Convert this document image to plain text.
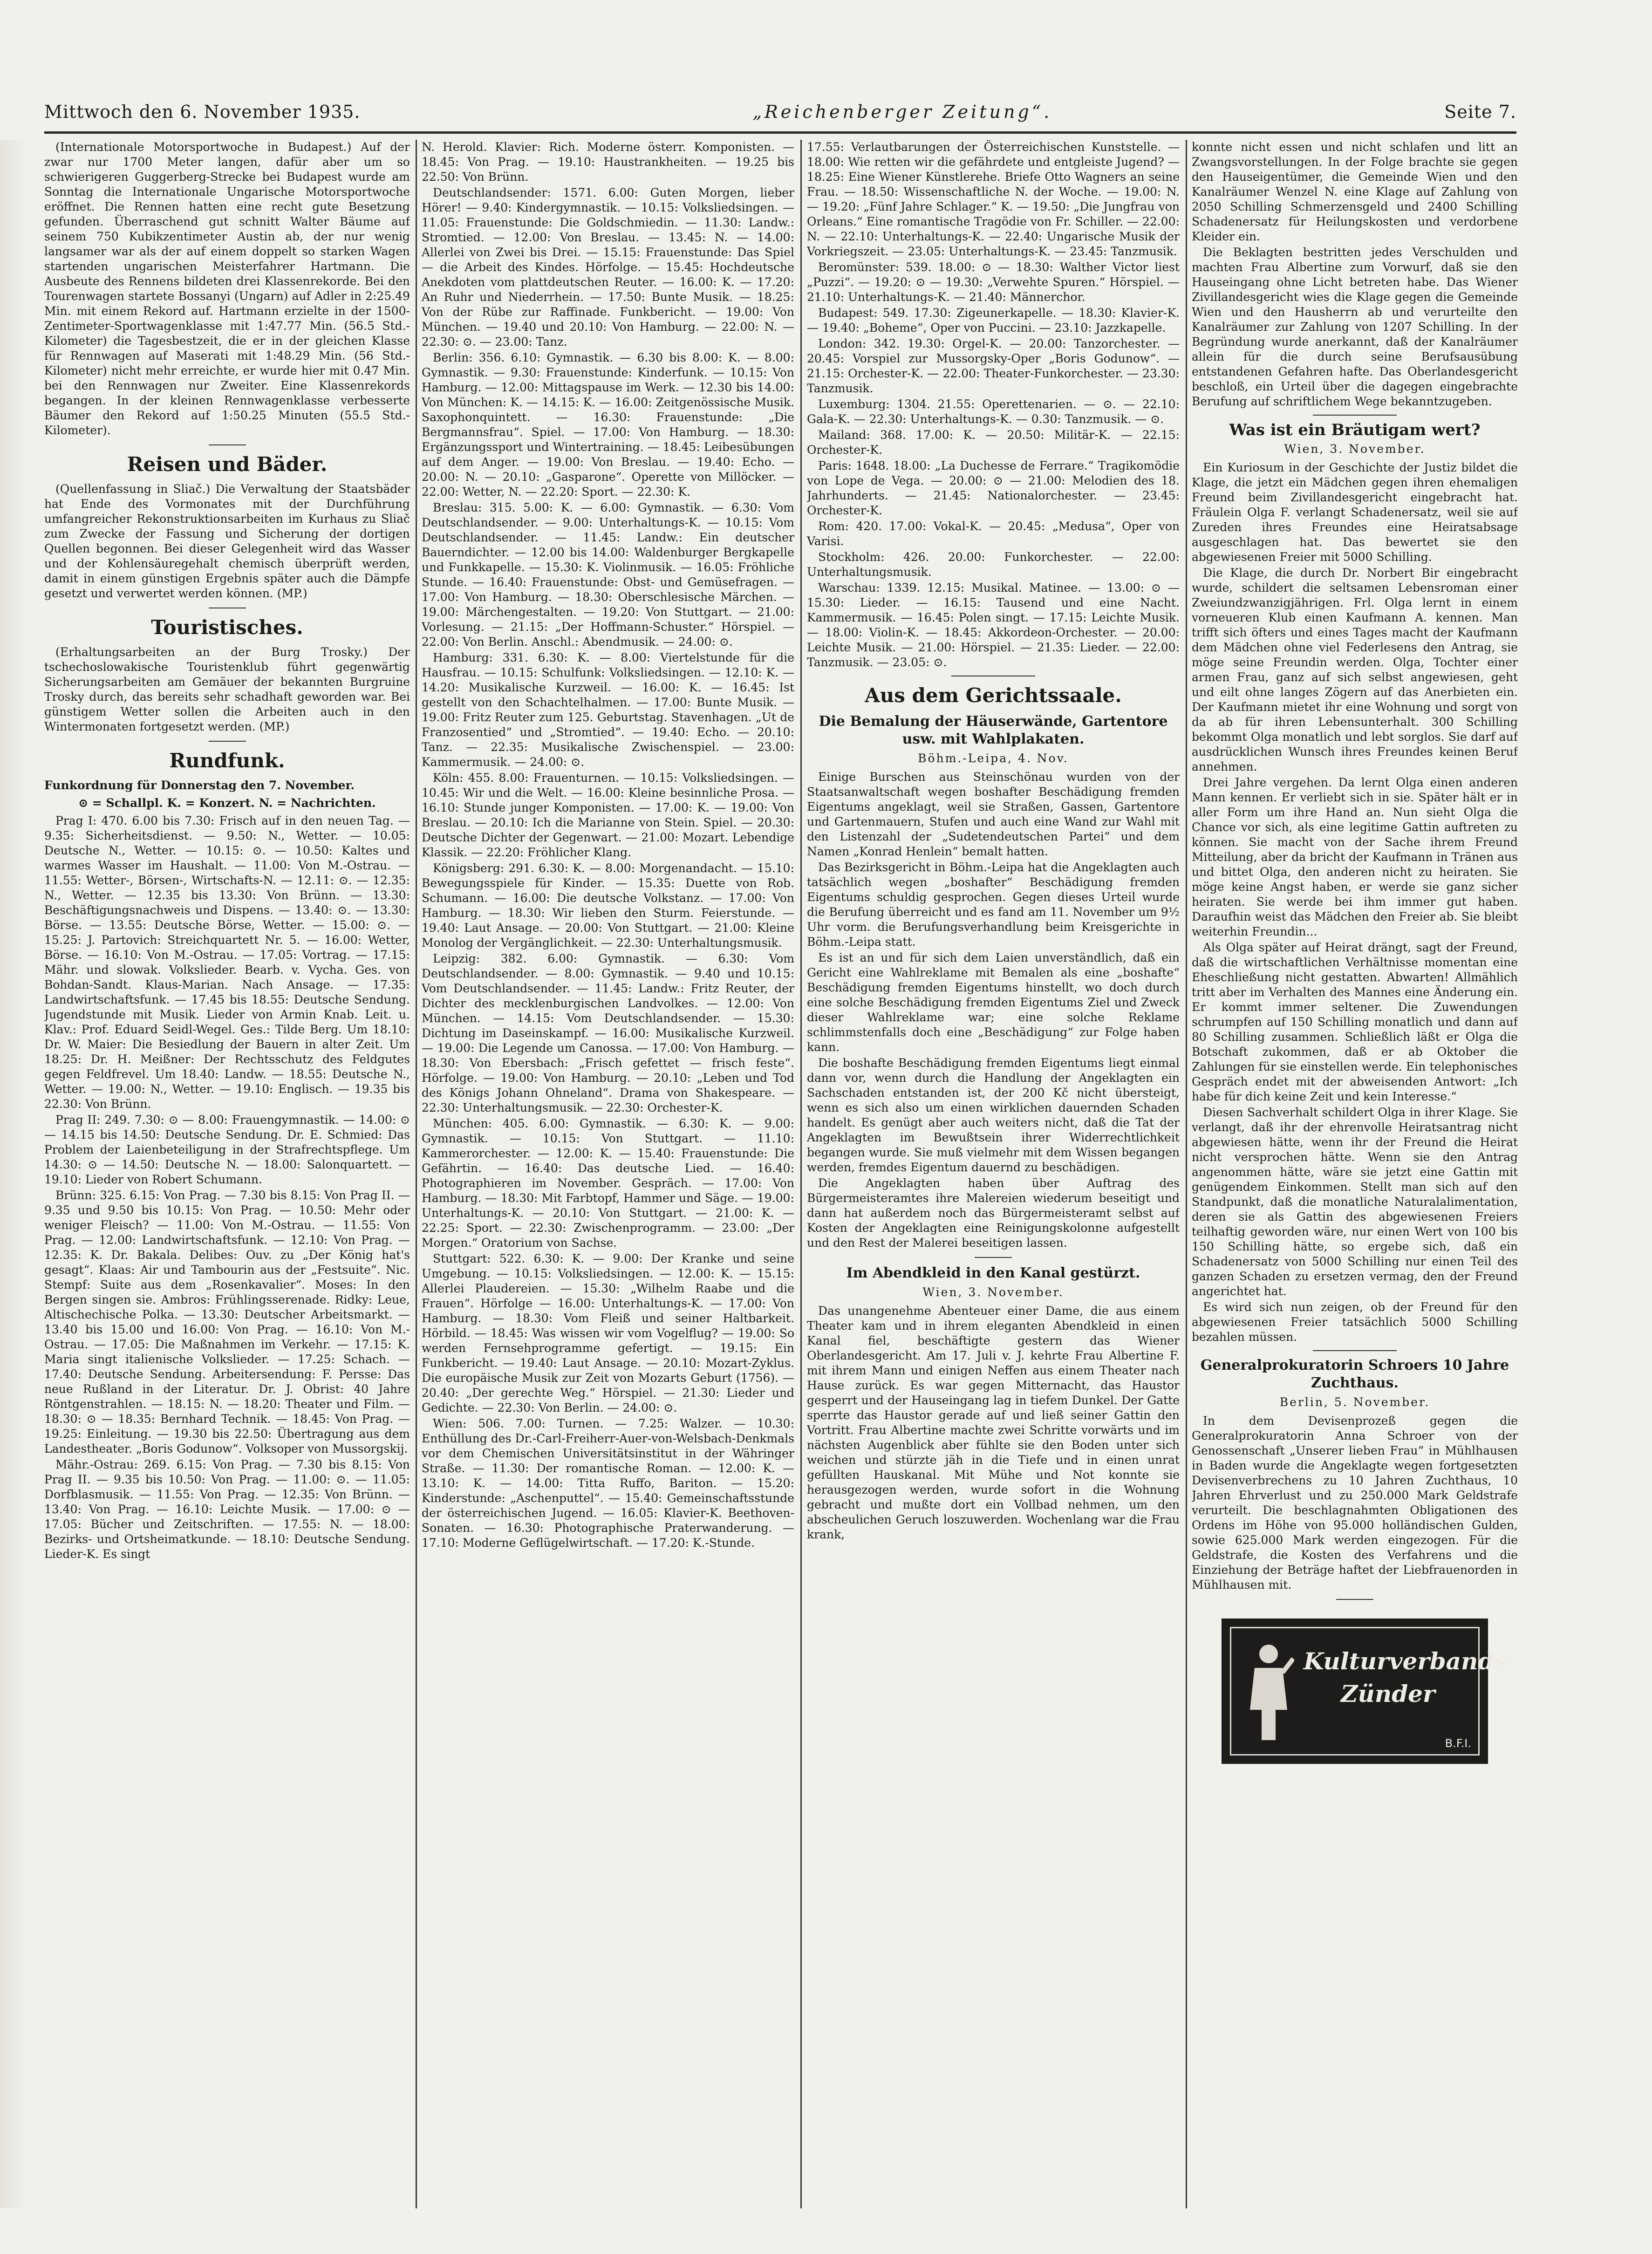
Mittwoch den 6. November 1935.	„Reichenberger Zeitung“.	Seite 7.

(Internationale Motorsportwoche in Budapest.) Auf der zwar nur 1700 Meter langen, dafür aber um so schwierigeren Guggerberg-Strecke bei Budapest wurde am Sonntag die Internationale Ungarische Motorsportwoche eröffnet. Die Rennen hatten eine recht gute Besetzung gefunden. Überraschend gut schnitt Walter Bäume auf seinem 750 Kubikzentimeter Austin ab, der nur wenig langsamer war als der auf einem doppelt so starken Wagen startenden ungarischen Meisterfahrer Hartmann. Die Ausbeute des Rennens bildeten drei Klassenrekorde. Bei den Tourenwagen startete Bossanyi (Ungarn) auf Adler in 2:25.49 Min. mit einem Rekord auf. Hartmann erzielte in der 1500-Zentimeter-Sportwagenklasse mit 1:47.77 Min. (56.5 Std.-Kilometer) die Tagesbestzeit, die er in der gleichen Klasse für Rennwagen auf Maserati mit 1:48.29 Min. (56 Std.-Kilometer) nicht mehr erreichte, er wurde hier mit 0.47 Min. bei den Rennwagen nur Zweiter. Eine Klassenrekords begangen. In der kleinen Rennwagenklasse verbesserte Bäumer den Rekord auf 1:50.25 Minuten (55.5 Std.-Kilometer).

Reisen und Bäder.

(Quellenfassung in Sliač.) Die Verwaltung der Staatsbäder hat Ende des Vormonates mit der Durchführung umfangreicher Rekonstruktionsarbeiten im Kurhaus zu Sliač zum Zwecke der Fassung und Sicherung der dortigen Quellen begonnen. Bei dieser Gelegenheit wird das Wasser und der Kohlensäuregehalt chemisch überprüft werden, damit in einem günstigen Ergebnis später auch die Dämpfe gesetzt und verwertet werden können. (MP.)

Touristisches.

(Erhaltungsarbeiten an der Burg Trosky.) Der tschechoslowakische Touristenklub führt gegenwärtig Sicherungsarbeiten am Gemäuer der bekannten Burgruine Trosky durch, das bereits sehr schadhaft geworden war. Bei günstigem Wetter sollen die Arbeiten auch in den Wintermonaten fortgesetzt werden. (MP.)

Rundfunk.

Funkordnung für Donnerstag den 7. November.

⊙ = Schallpl. K. = Konzert. N. = Nachrichten.

Prag I: 470. 6.00 bis 7.30: Frisch auf in den neuen Tag. — 9.35: Sicherheitsdienst. — 9.50: N., Wetter. — 10.05: Deutsche N., Wetter. — 10.15: ⊙. — 10.50: Kaltes und warmes Wasser im Haushalt. — 11.00: Von M.-Ostrau. — 11.55: Wetter-, Börsen-, Wirtschafts-N. — 12.11: ⊙. — 12.35: N., Wetter. — 12.35 bis 13.30: Von Brünn. — 13.30: Beschäftigungsnachweis und Dispens. — 13.40: ⊙. — 13.30: Börse. — 13.55: Deutsche Börse, Wetter. — 15.00: ⊙. — 15.25: J. Partovich: Streichquartett Nr. 5. — 16.00: Wetter, Börse. — 16.10: Von M.-Ostrau. — 17.05: Vortrag. — 17.15: Mähr. und slowak. Volkslieder. Bearb. v. Vycha. Ges. von Bohdan-Sandt. Klaus-Marian. Nach Ansage. — 17.35: Landwirtschaftsfunk. — 17.45 bis 18.55: Deutsche Sendung. Jugendstunde mit Musik. Lieder von Armin Knab. Leit. u. Klav.: Prof. Eduard Seidl-Wegel. Ges.: Tilde Berg. Um 18.10: Dr. W. Maier: Die Besiedlung der Bauern in alter Zeit. Um 18.25: Dr. H. Meißner: Der Rechtsschutz des Feldgutes gegen Feldfrevel. Um 18.40: Landw. — 18.55: Deutsche N., Wetter. — 19.00: N., Wetter. — 19.10: Englisch. — 19.35 bis 22.30: Von Brünn.

Prag II: 249. 7.30: ⊙ — 8.00: Frauengymnastik. — 14.00: ⊙ — 14.15 bis 14.50: Deutsche Sendung. Dr. E. Schmied: Das Problem der Laienbeteiligung in der Strafrechtspflege. Um 14.30: ⊙ — 14.50: Deutsche N. — 18.00: Salonquartett. — 19.10: Lieder von Robert Schumann.

Brünn: 325. 6.15: Von Prag. — 7.30 bis 8.15: Von Prag II. — 9.35 und 9.50 bis 10.15: Von Prag. — 10.50: Mehr oder weniger Fleisch? — 11.00: Von M.-Ostrau. — 11.55: Von Prag. — 12.00: Landwirtschaftsfunk. — 12.10: Von Prag. — 12.35: K. Dr. Bakala. Delibes: Ouv. zu „Der König hat's gesagt“. Klaas: Air und Tambourin aus der „Festsuite“. Nic. Stempf: Suite aus dem „Rosenkavalier“. Moses: In den Bergen singen sie. Ambros: Frühlingsserenade. Ridky: Leue, Altischechische Polka. — 13.30: Deutscher Arbeitsmarkt. — 13.40 bis 15.00 und 16.00: Von Prag. — 16.10: Von M.-Ostrau. — 17.05: Die Maßnahmen im Verkehr. — 17.15: K. Maria singt italienische Volkslieder. — 17.25: Schach. — 17.40: Deutsche Sendung. Arbeitersendung: F. Persse: Das neue Rußland in der Literatur. Dr. J. Obrist: 40 Jahre Röntgenstrahlen. — 18.15: N. — 18.20: Theater und Film. — 18.30: ⊙ — 18.35: Bernhard Technik. — 18.45: Von Prag. — 19.25: Einleitung. — 19.30 bis 22.50: Übertragung aus dem Landestheater. „Boris Godunow“. Volksoper von Mussorgskij.

Mähr.-Ostrau: 269. 6.15: Von Prag. — 7.30 bis 8.15: Von Prag II. — 9.35 bis 10.50: Von Prag. — 11.00: ⊙. — 11.05: Dorfblasmusik. — 11.55: Von Prag. — 12.35: Von Brünn. — 13.40: Von Prag. — 16.10: Leichte Musik. — 17.00: ⊙ — 17.05: Bücher und Zeitschriften. — 17.55: N. — 18.00: Bezirks- und Ortsheimatkunde. — 18.10: Deutsche Sendung. Lieder-K. Es singt

N. Herold. Klavier: Rich. Moderne österr. Komponisten. — 18.45: Von Prag. — 19.10: Haustrankheiten. — 19.25 bis 22.50: Von Brünn.

Deutschlandsender: 1571. 6.00: Guten Morgen, lieber Hörer! — 9.40: Kindergymnastik. — 10.15: Volksliedsingen. — 11.05: Frauenstunde: Die Goldschmiedin. — 11.30: Landw.: Stromtied. — 12.00: Von Breslau. — 13.45: N. — 14.00: Allerlei von Zwei bis Drei. — 15.15: Frauenstunde: Das Spiel — die Arbeit des Kindes. Hörfolge. — 15.45: Hochdeutsche Anekdoten vom plattdeutschen Reuter. — 16.00: K. — 17.20: An Ruhr und Niederrhein. — 17.50: Bunte Musik. — 18.25: Von der Rübe zur Raffinade. Funkbericht. — 19.00: Von München. — 19.40 und 20.10: Von Hamburg. — 22.00: N. — 22.30: ⊙. — 23.00: Tanz.

Berlin: 356. 6.10: Gymnastik. — 6.30 bis 8.00: K. — 8.00: Gymnastik. — 9.30: Frauenstunde: Kinderfunk. — 10.15: Von Hamburg. — 12.00: Mittagspause im Werk. — 12.30 bis 14.00: Von München: K. — 14.15: K. — 16.00: Zeitgenössische Musik. Saxophonquintett. — 16.30: Frauenstunde: „Die Bergmannsfrau“. Spiel. — 17.00: Von Hamburg. — 18.30: Ergänzungssport und Wintertraining. — 18.45: Leibesübungen auf dem Anger. — 19.00: Von Breslau. — 19.40: Echo. — 20.00: N. — 20.10: „Gasparone“. Operette von Millöcker. — 22.00: Wetter, N. — 22.20: Sport. — 22.30: K.

Breslau: 315. 5.00: K. — 6.00: Gymnastik. — 6.30: Vom Deutschlandsender. — 9.00: Unterhaltungs-K. — 10.15: Vom Deutschlandsender. — 11.45: Landw.: Ein deutscher Bauerndichter. — 12.00 bis 14.00: Waldenburger Bergkapelle und Funkkapelle. — 15.30: K. Violinmusik. — 16.05: Fröhliche Stunde. — 16.40: Frauenstunde: Obst- und Gemüsefragen. — 17.00: Von Hamburg. — 18.30: Oberschlesische Märchen. — 19.00: Märchengestalten. — 19.20: Von Stuttgart. — 21.00: Vorlesung. — 21.15: „Der Hoffmann-Schuster.“ Hörspiel. — 22.00: Von Berlin. Anschl.: Abendmusik. — 24.00: ⊙.

Hamburg: 331. 6.30: K. — 8.00: Viertelstunde für die Hausfrau. — 10.15: Schulfunk: Volksliedsingen. — 12.10: K. — 14.20: Musikalische Kurzweil. — 16.00: K. — 16.45: Ist gestellt von den Schachtelhalmen. — 17.00: Bunte Musik. — 19.00: Fritz Reuter zum 125. Geburtstag. Stavenhagen. „Ut de Franzosentied“ und „Stromtied“. — 19.40: Echo. — 20.10: Tanz. — 22.35: Musikalische Zwischenspiel. — 23.00: Kammermusik. — 24.00: ⊙.

Köln: 455. 8.00: Frauenturnen. — 10.15: Volksliedsingen. — 10.45: Wir und die Welt. — 16.00: Kleine besinnliche Prosa. — 16.10: Stunde junger Komponisten. — 17.00: K. — 19.00: Von Breslau. — 20.10: Ich die Marianne von Stein. Spiel. — 20.30: Deutsche Dichter der Gegenwart. — 21.00: Mozart. Lebendige Klassik. — 22.20: Fröhlicher Klang.

Königsberg: 291. 6.30: K. — 8.00: Morgenandacht. — 15.10: Bewegungsspiele für Kinder. — 15.35: Duette von Rob. Schumann. — 16.00: Die deutsche Volkstanz. — 17.00: Von Hamburg. — 18.30: Wir lieben den Sturm. Feierstunde. — 19.40: Laut Ansage. — 20.00: Von Stuttgart. — 21.00: Kleine Monolog der Vergänglichkeit. — 22.30: Unterhaltungsmusik.

Leipzig: 382. 6.00: Gymnastik. — 6.30: Vom Deutschlandsender. — 8.00: Gymnastik. — 9.40 und 10.15: Vom Deutschlandsender. — 11.45: Landw.: Fritz Reuter, der Dichter des mecklenburgischen Landvolkes. — 12.00: Von München. — 14.15: Vom Deutschlandsender. — 15.30: Dichtung im Daseinskampf. — 16.00: Musikalische Kurzweil. — 19.00: Die Legende um Canossa. — 17.00: Von Hamburg. — 18.30: Von Ebersbach: „Frisch gefettet — frisch feste“. Hörfolge. — 19.00: Von Hamburg. — 20.10: „Leben und Tod des Königs Johann Ohneland“. Drama von Shakespeare. — 22.30: Unterhaltungsmusik. — 22.30: Orchester-K.

München: 405. 6.00: Gymnastik. — 6.30: K. — 9.00: Gymnastik. — 10.15: Von Stuttgart. — 11.10: Kammerorchester. — 12.00: K. — 15.40: Frauenstunde: Die Gefährtin. — 16.40: Das deutsche Lied. — 16.40: Photographieren im November. Gespräch. — 17.00: Von Hamburg. — 18.30: Mit Farbtopf, Hammer und Säge. — 19.00: Unterhaltungs-K. — 20.10: Von Stuttgart. — 21.00: K. — 22.25: Sport. — 22.30: Zwischenprogramm. — 23.00: „Der Morgen.“ Oratorium von Sachse.

Stuttgart: 522. 6.30: K. — 9.00: Der Kranke und seine Umgebung. — 10.15: Volksliedsingen. — 12.00: K. — 15.15: Allerlei Plaudereien. — 15.30: „Wilhelm Raabe und die Frauen“. Hörfolge — 16.00: Unterhaltungs-K. — 17.00: Von Hamburg. — 18.30: Vom Fleiß und seiner Haltbarkeit. Hörbild. — 18.45: Was wissen wir vom Vogelflug? — 19.00: So werden Fernsehprogramme gefertigt. — 19.15: Ein Funkbericht. — 19.40: Laut Ansage. — 20.10: Mozart-Zyklus. Die europäische Musik zur Zeit von Mozarts Geburt (1756). — 20.40: „Der gerechte Weg.“ Hörspiel. — 21.30: Lieder und Gedichte. — 22.30: Von Berlin. — 24.00: ⊙.

Wien: 506. 7.00: Turnen. — 7.25: Walzer. — 10.30: Enthüllung des Dr.-Carl-Freiherr-Auer-von-Welsbach-Denkmals vor dem Chemischen Universitätsinstitut in der Währinger Straße. — 11.30: Der romantische Roman. — 12.00: K. — 13.10: K. — 14.00: Titta Ruffo, Bariton. — 15.20: Kinderstunde: „Aschenputtel“. — 15.40: Gemeinschaftsstunde der österreichischen Jugend. — 16.05: Klavier-K. Beethoven-Sonaten. — 16.30: Photographische Praterwanderung. — 17.10: Moderne Geflügelwirtschaft. — 17.20: K.-Stunde.

17.55: Verlautbarungen der Österreichischen Kunststelle. — 18.00: Wie retten wir die gefährdete und entgleiste Jugend? — 18.25: Eine Wiener Künstlerehe. Briefe Otto Wagners an seine Frau. — 18.50: Wissenschaftliche N. der Woche. — 19.00: N. — 19.20: „Fünf Jahre Schlager.“ K. — 19.50: „Die Jungfrau von Orleans.“ Eine romantische Tragödie von Fr. Schiller. — 22.00: N. — 22.10: Unterhaltungs-K. — 22.40: Ungarische Musik der Vorkriegszeit. — 23.05: Unterhaltungs-K. — 23.45: Tanzmusik.

Beromünster: 539. 18.00: ⊙ — 18.30: Walther Victor liest „Puzzi“. — 19.20: ⊙ — 19.30: „Verwehte Spuren.“ Hörspiel. — 21.10: Unterhaltungs-K. — 21.40: Männerchor.

Budapest: 549. 17.30: Zigeunerkapelle. — 18.30: Klavier-K. — 19.40: „Boheme“, Oper von Puccini. — 23.10: Jazzkapelle.

London: 342. 19.30: Orgel-K. — 20.00: Tanzorchester. — 20.45: Vorspiel zur Mussorgsky-Oper „Boris Godunow“. — 21.15: Orchester-K. — 22.00: Theater-Funkorchester. — 23.30: Tanzmusik.

Luxemburg: 1304. 21.55: Operettenarien. — ⊙. — 22.10: Gala-K. — 22.30: Unterhaltungs-K. — 0.30: Tanzmusik. — ⊙.

Mailand: 368. 17.00: K. — 20.50: Militär-K. — 22.15: Orchester-K.

Paris: 1648. 18.00: „La Duchesse de Ferrare.“ Tragikomödie von Lope de Vega. — 20.00: ⊙ — 21.00: Melodien des 18. Jahrhunderts. — 21.45: Nationalorchester. — 23.45: Orchester-K.

Rom: 420. 17.00: Vokal-K. — 20.45: „Medusa“, Oper von Varisi.

Stockholm: 426. 20.00: Funkorchester. — 22.00: Unterhaltungsmusik.

Warschau: 1339. 12.15: Musikal. Matinee. — 13.00: ⊙ — 15.30: Lieder. — 16.15: Tausend und eine Nacht. Kammermusik. — 16.45: Polen singt. — 17.15: Leichte Musik. — 18.00: Violin-K. — 18.45: Akkordeon-Orchester. — 20.00: Leichte Musik. — 21.00: Hörspiel. — 21.35: Lieder. — 22.00: Tanzmusik. — 23.05: ⊙.

Aus dem Gerichtssaale.
Die Bemalung der Häuserwände, Gartentore usw. mit Wahlplakaten.
Böhm.-Leipa, 4. Nov.

Einige Burschen aus Steinschönau wurden von der Staatsanwaltschaft wegen boshafter Beschädigung fremden Eigentums angeklagt, weil sie Straßen, Gassen, Gartentore und Gartenmauern, Stufen und auch eine Wand zur Wahl mit den Listenzahl der „Sudetendeutschen Partei“ und dem Namen „Konrad Henlein“ bemalt hatten.

Das Bezirksgericht in Böhm.-Leipa hat die Angeklagten auch tatsächlich wegen „boshafter“ Beschädigung fremden Eigentums schuldig gesprochen. Gegen dieses Urteil wurde die Berufung überreicht und es fand am 11. November um 9½ Uhr vorm. die Berufungsverhandlung beim Kreisgerichte in Böhm.-Leipa statt.

Es ist an und für sich dem Laien unverständlich, daß ein Gericht eine Wahlreklame mit Bemalen als eine „boshafte“ Beschädigung fremden Eigentums hinstellt, wo doch durch eine solche Beschädigung fremden Eigentums Ziel und Zweck dieser Wahlreklame war; eine solche Reklame schlimmstenfalls doch eine „Beschädigung“ zur Folge haben kann.

Die boshafte Beschädigung fremden Eigentums liegt einmal dann vor, wenn durch die Handlung der Angeklagten ein Sachschaden entstanden ist, der 200 Kč nicht übersteigt, wenn es sich also um einen wirklichen dauernden Schaden handelt. Es genügt aber auch weiters nicht, daß die Tat der Angeklagten im Bewußtsein ihrer Widerrechtlichkeit begangen wurde. Sie muß vielmehr mit dem Wissen begangen werden, fremdes Eigentum dauernd zu beschädigen.

Die Angeklagten haben über Auftrag des Bürgermeisteramtes ihre Malereien wiederum beseitigt und dann hat außerdem noch das Bürgermeisteramt selbst auf Kosten der Angeklagten eine Reinigungskolonne aufgestellt und den Rest der Malerei beseitigen lassen.

Im Abendkleid in den Kanal gestürzt.
Wien, 3. November.

Das unangenehme Abenteuer einer Dame, die aus einem Theater kam und in ihrem eleganten Abendkleid in einen Kanal fiel, beschäftigte gestern das Wiener Oberlandesgericht. Am 17. Juli v. J. kehrte Frau Albertine F. mit ihrem Mann und einigen Neffen aus einem Theater nach Hause zurück. Es war gegen Mitternacht, das Haustor gesperrt und der Hauseingang lag in tiefem Dunkel. Der Gatte sperrte das Haustor gerade auf und ließ seiner Gattin den Vortritt. Frau Albertine machte zwei Schritte vorwärts und im nächsten Augenblick aber fühlte sie den Boden unter sich weichen und stürzte jäh in die Tiefe und in einen unrat gefüllten Hauskanal. Mit Mühe und Not konnte sie herausgezogen werden, wurde sofort in die Wohnung gebracht und mußte dort ein Vollbad nehmen, um den abscheulichen Geruch loszuwerden. Wochenlang war die Frau krank,

konnte nicht essen und nicht schlafen und litt an Zwangsvorstellungen. In der Folge brachte sie gegen den Hauseigentümer, die Gemeinde Wien und den Kanalräumer Wenzel N. eine Klage auf Zahlung von 2050 Schilling Schmerzensgeld und 2400 Schilling Schadenersatz für Heilungskosten und verdorbene Kleider ein.

Die Beklagten bestritten jedes Verschulden und machten Frau Albertine zum Vorwurf, daß sie den Hauseingang ohne Licht betreten habe. Das Wiener Zivillandesgericht wies die Klage gegen die Gemeinde Wien und den Hausherrn ab und verurteilte den Kanalräumer zur Zahlung von 1207 Schilling. In der Begründung wurde anerkannt, daß der Kanalräumer allein für die durch seine Berufsausübung entstandenen Gefahren hafte. Das Oberlandesgericht beschloß, ein Urteil über die dagegen eingebrachte Berufung auf schriftlichem Wege bekanntzugeben.

Was ist ein Bräutigam wert?
Wien, 3. November.

Ein Kuriosum in der Geschichte der Justiz bildet die Klage, die jetzt ein Mädchen gegen ihren ehemaligen Freund beim Zivillandesgericht eingebracht hat. Fräulein Olga F. verlangt Schadenersatz, weil sie auf Zureden ihres Freundes eine Heiratsabsage ausgeschlagen hat. Das bewertet sie den abgewiesenen Freier mit 5000 Schilling.

Die Klage, die durch Dr. Norbert Bir eingebracht wurde, schildert die seltsamen Lebensroman einer Zweiundzwanzigjährigen. Frl. Olga lernt in einem vorneueren Klub einen Kaufmann A. kennen. Man trifft sich öfters und eines Tages macht der Kaufmann dem Mädchen ohne viel Federlesens den Antrag, sie möge seine Freundin werden. Olga, Tochter einer armen Frau, ganz auf sich selbst angewiesen, geht und eilt ohne langes Zögern auf das Anerbieten ein. Der Kaufmann mietet ihr eine Wohnung und sorgt von da ab für ihren Lebensunterhalt. 300 Schilling bekommt Olga monatlich und lebt sorglos. Sie darf auf ausdrücklichen Wunsch ihres Freundes keinen Beruf annehmen.

Drei Jahre vergehen. Da lernt Olga einen anderen Mann kennen. Er verliebt sich in sie. Später hält er in aller Form um ihre Hand an. Nun sieht Olga die Chance vor sich, als eine legitime Gattin auftreten zu können. Sie macht von der Sache ihrem Freund Mitteilung, aber da bricht der Kaufmann in Tränen aus und bittet Olga, den anderen nicht zu heiraten. Sie möge keine Angst haben, er werde sie ganz sicher heiraten. Sie werde bei ihm immer gut haben. Daraufhin weist das Mädchen den Freier ab. Sie bleibt weiterhin Freundin...

Als Olga später auf Heirat drängt, sagt der Freund, daß die wirtschaftlichen Verhältnisse momentan eine Eheschließung nicht gestatten. Abwarten! Allmählich tritt aber im Verhalten des Mannes eine Änderung ein. Er kommt immer seltener. Die Zuwendungen schrumpfen auf 150 Schilling monatlich und dann auf 80 Schilling zusammen. Schließlich läßt er Olga die Botschaft zukommen, daß er ab Oktober die Zahlungen für sie einstellen werde. Ein telephonisches Gespräch endet mit der abweisenden Antwort: „Ich habe für dich keine Zeit und kein Interesse.“

Diesen Sachverhalt schildert Olga in ihrer Klage. Sie verlangt, daß ihr der ehrenvolle Heiratsantrag nicht abgewiesen hätte, wenn ihr der Freund die Heirat nicht versprochen hätte. Wenn sie den Antrag angenommen hätte, wäre sie jetzt eine Gattin mit genügendem Einkommen. Stellt man sich auf den Standpunkt, daß die monatliche Naturalalimentation, deren sie als Gattin des abgewiesenen Freiers teilhaftig geworden wäre, nur einen Wert von 100 bis 150 Schilling hätte, so ergebe sich, daß ein Schadenersatz von 5000 Schilling nur einen Teil des ganzen Schaden zu ersetzen vermag, den der Freund angerichtet hat.

Es wird sich nun zeigen, ob der Freund für den abgewiesenen Freier tatsächlich 5000 Schilling bezahlen müssen.

Generalprokuratorin Schroers 10 Jahre Zuchthaus.
Berlin, 5. November.

In dem Devisenprozeß gegen die Generalprokuratorin Anna Schroer von der Genossenschaft „Unserer lieben Frau“ in Mühlhausen in Baden wurde die Angeklagte wegen fortgesetzten Devisenverbrechens zu 10 Jahren Zuchthaus, 10 Jahren Ehrverlust und zu 250.000 Mark Geldstrafe verurteilt. Die beschlagnahmten Obligationen des Ordens im Höhe von 95.000 holländischen Gulden, sowie 625.000 Mark werden eingezogen. Für die Geldstrafe, die Kosten des Verfahrens und die Einziehung der Beträge haftet der Liebfrauenorden in Mühlhausen mit.

Kulturverbands-
Zünder
B.F.I.
